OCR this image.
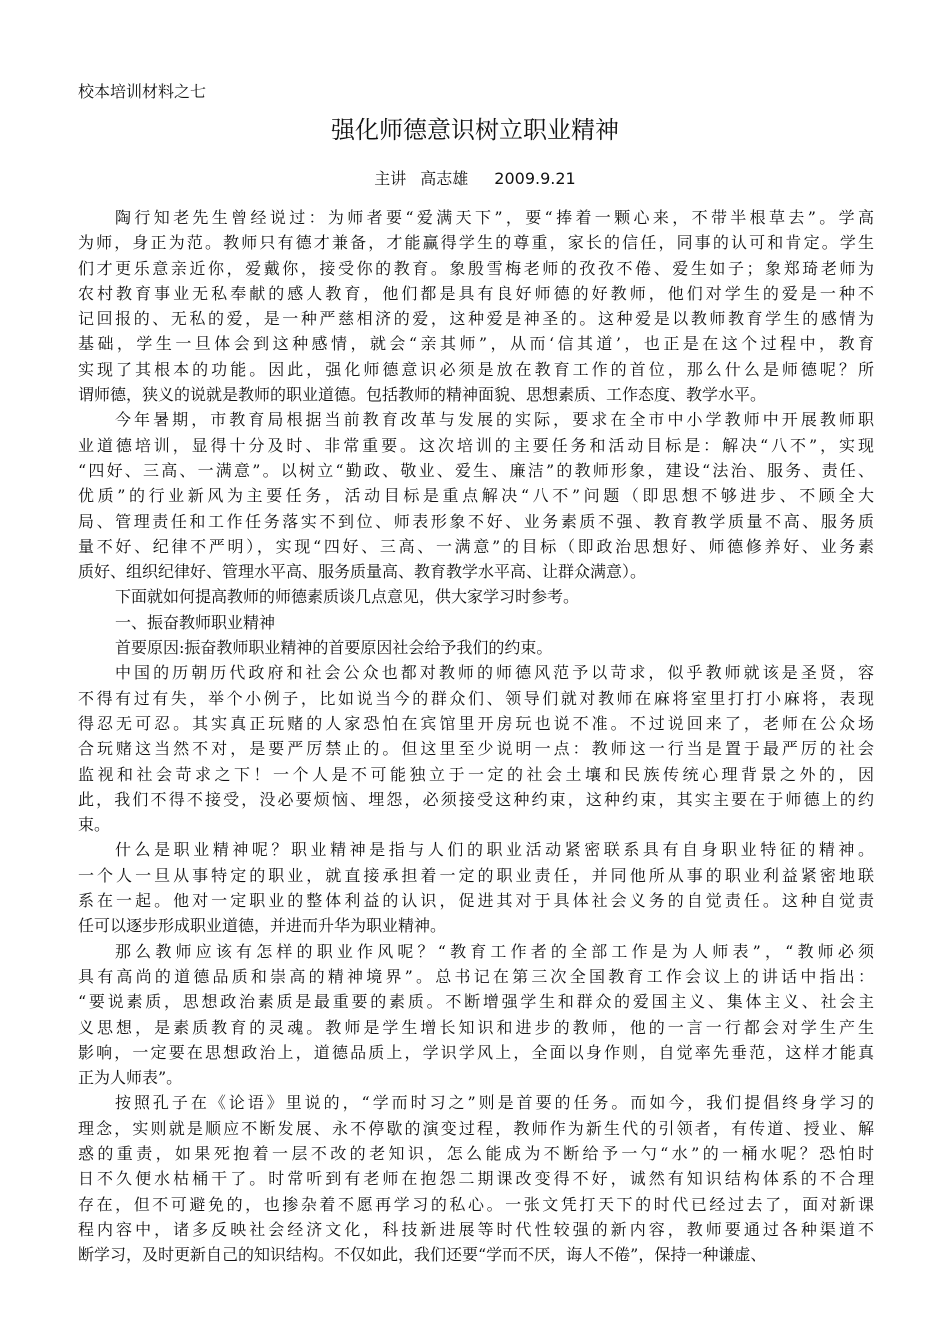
校本培训材料之七
强化师德意识树立职业精神
主讲 高志雄 2009.9.21
陶行知老先生曾经说过：为师者要“爱满天下”，要“捧着一颗心来，不带半根草去”。学高
为师，身正为范。教师只有德才兼备，才能赢得学生的尊重，家长的信任，同事的认可和肯定。学生
们才更乐意亲近你，爱戴你，接受你的教育。象殷雪梅老师的孜孜不倦、爱生如子；象郑琦老师为
农村教育事业无私奉献的感人教育，他们都是具有良好师德的好教师，他们对学生的爱是一种不
记回报的、无私的爱，是一种严慈相济的爱，这种爱是神圣的。这种爱是以教师教育学生的感情为
基础，学生一旦体会到这种感情，就会“亲其师”，从而‘信其道’，也正是在这个过程中，教育
实现了其根本的功能。因此，强化师德意识必须是放在教育工作的首位，那么什么是师德呢？所
谓师德，狭义的说就是教师的职业道德。包括教师的精神面貌、思想素质、工作态度、教学水平。
今年暑期，市教育局根据当前教育改革与发展的实际，要求在全市中小学教师中开展教师职
业道德培训，显得十分及时、非常重要。这次培训的主要任务和活动目标是：解决“八不”，实现
“四好、三高、一满意”。以树立“勤政、敬业、爱生、廉洁”的教师形象，建设“法治、服务、责任、
优质”的行业新风为主要任务，活动目标是重点解决“八不”问题（即思想不够进步、不顾全大
局、管理责任和工作任务落实不到位、师表形象不好、业务素质不强、教育教学质量不高、服务质
量不好、纪律不严明），实现“四好、三高、一满意”的目标（即政治思想好、师德修养好、业务素
质好、组织纪律好、管理水平高、服务质量高、教育教学水平高、让群众满意）。
下面就如何提高教师的师德素质谈几点意见，供大家学习时参考。
一、振奋教师职业精神
首要原因:振奋教师职业精神的首要原因社会给予我们的约束。
中国的历朝历代政府和社会公众也都对教师的师德风范予以苛求，似乎教师就该是圣贤，容
不得有过有失，举个小例子，比如说当今的群众们、领导们就对教师在麻将室里打打小麻将，表现
得忍无可忍。其实真正玩赌的人家恐怕在宾馆里开房玩也说不准。不过说回来了，老师在公众场
合玩赌这当然不对，是要严厉禁止的。但这里至少说明一点：教师这一行当是置于最严厉的社会
监视和社会苛求之下！一个人是不可能独立于一定的社会土壤和民族传统心理背景之外的，因
此，我们不得不接受，没必要烦恼、埋怨，必须接受这种约束，这种约束，其实主要在于师德上的约
束。
什么是职业精神呢？职业精神是指与人们的职业活动紧密联系具有自身职业特征的精神。
一个人一旦从事特定的职业，就直接承担着一定的职业责任，并同他所从事的职业利益紧密地联
系在一起。他对一定职业的整体利益的认识，促进其对于具体社会义务的自觉责任。这种自觉责
任可以逐步形成职业道德，并进而升华为职业精神。
那么教师应该有怎样的职业作风呢？“教育工作者的全部工作是为人师表”，“教师必须
具有高尚的道德品质和崇高的精神境界”。总书记在第三次全国教育工作会议上的讲话中指出：
“要说素质，思想政治素质是最重要的素质。不断增强学生和群众的爱国主义、集体主义、社会主
义思想，是素质教育的灵魂。教师是学生增长知识和进步的教师，他的一言一行都会对学生产生
影响，一定要在思想政治上，道德品质上，学识学风上，全面以身作则，自觉率先垂范，这样才能真
正为人师表”。
按照孔子在《论语》里说的，“学而时习之”则是首要的任务。而如今，我们提倡终身学习的
理念，实则就是顺应不断发展、永不停歇的演变过程，教师作为新生代的引领者，有传道、授业、解
惑的重责，如果死抱着一层不改的老知识，怎么能成为不断给予一勺“水”的一桶水呢？恐怕时
日不久便水枯桶干了。时常听到有老师在抱怨二期课改变得不好，诚然有知识结构体系的不合理
存在，但不可避免的，也掺杂着不愿再学习的私心。一张文凭打天下的时代已经过去了，面对新课
程内容中，诸多反映社会经济文化，科技新进展等时代性较强的新内容，教师要通过各种渠道不
断学习，及时更新自己的知识结构。不仅如此，我们还要“学而不厌，诲人不倦”，保持一种谦虚、
